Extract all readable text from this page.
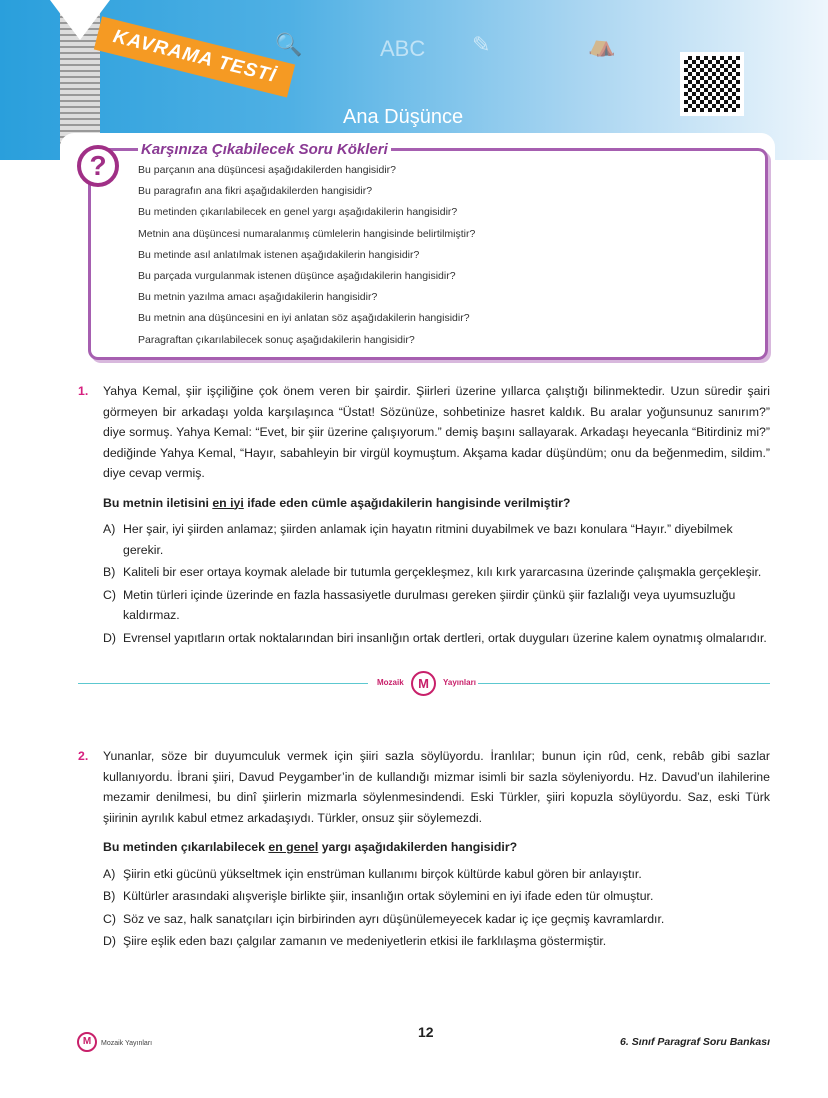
KAVRAMA TESTİ
🔍	ABC ✎	⛺
Ana Düşünce
?
Karşınıza Çıkabilecek Soru Kökleri
Bu parçanın ana düşüncesi aşağıdakilerden hangisidir?
Bu paragrafın ana fikri aşağıdakilerden hangisidir?
Bu metinden çıkarılabilecek en genel yargı aşağıdakilerin hangisidir?
Metnin ana düşüncesi numaralanmış cümlelerin hangisinde belirtilmiştir?
Bu metinde asıl anlatılmak istenen aşağıdakilerin hangisidir?
Bu parçada vurgulanmak istenen düşünce aşağıdakilerin hangisidir?
Bu metnin yazılma amacı aşağıdakilerin hangisidir?
Bu metnin ana düşüncesini en iyi anlatan söz aşağıdakilerin hangisidir?
Paragraftan çıkarılabilecek sonuç aşağıdakilerin hangisidir?
1. Yahya Kemal, şiir işçiliğine çok önem veren bir şairdir. Şiirleri üzerine yıllarca çalıştığı bilinmektedir. Uzun süredir şairi görmeyen bir arkadaşı yolda karşılaşınca “Üstat! Sözünüze, sohbetinize hasret kaldık. Bu aralar yoğunsunuz sanırım?” diye sormuş. Yahya Kemal: “Evet, bir şiir üzerine çalışıyorum.” demiş başını sallayarak. Arkadaşı heyecanla “Bitirdiniz mi?” dediğinde Yahya Kemal, “Hayır, sabahleyin bir virgül koymuştum. Akşama kadar düşündüm; onu da beğenmedim, sildim.” diye cevap vermiş.

Bu metnin iletisini en iyi ifade eden cümle aşağıdakilerin hangisinde verilmiştir?

A) Her şair, iyi şiirden anlamaz; şiirden anlamak için hayatın ritmini duyabilmek ve bazı konulara “Hayır.” diyebilmek gerekir.
B) Kaliteli bir eser ortaya koymak alelade bir tutumla gerçekleşmez, kılı kırk yararcasına üzerinde çalışmakla gerçekleşir.
C) Metin türleri içinde üzerinde en fazla hassasiyetle durulması gereken şiirdir çünkü şiir fazlalığı veya uyumsuzluğu kaldırmaz.
D) Evrensel yapıtların ortak noktalarından biri insanlığın ortak dertleri, ortak duyguları üzerine kalem oynatmış olmalarıdır.
Mozaik	M	Yayınları
2. Yunanlar, söze bir duyumculuk vermek için şiiri sazla söylüyordu. İranlılar; bunun için rûd, cenk, rebâb gibi sazlar kullanıyordu. İbrani şiiri, Davud Peygamber’in de kullandığı mizmar isimli bir sazla söyleniyordu. Hz. Davud’un ilahilerine mezamir denilmesi, bu dinî şiirlerin mizmarla söylenmesindendi. Eski Türkler, şiiri kopuzla söylüyordu. Saz, eski Türk şiirinin ayrılık kabul etmez arkadaşıydı. Türkler, onsuz şiir söylemezdi.

Bu metinden çıkarılabilecek en genel yargı aşağıdakilerden hangisidir?

A) Şiirin etki gücünü yükseltmek için enstrüman kullanımı birçok kültürde kabul gören bir anlayıştır.
B) Kültürler arasındaki alışverişle birlikte şiir, insanlığın ortak söylemini en iyi ifade eden tür olmuştur.
C) Söz ve saz, halk sanatçıları için birbirinden ayrı düşünülemeyecek kadar iç içe geçmiş kavramlardır.
D) Şiire eşlik eden bazı çalgılar zamanın ve medeniyetlerin etkisi ile farklılaşma göstermiştir.
M	Mozaik Yayınları
12
6. Sınıf Paragraf Soru Bankası
